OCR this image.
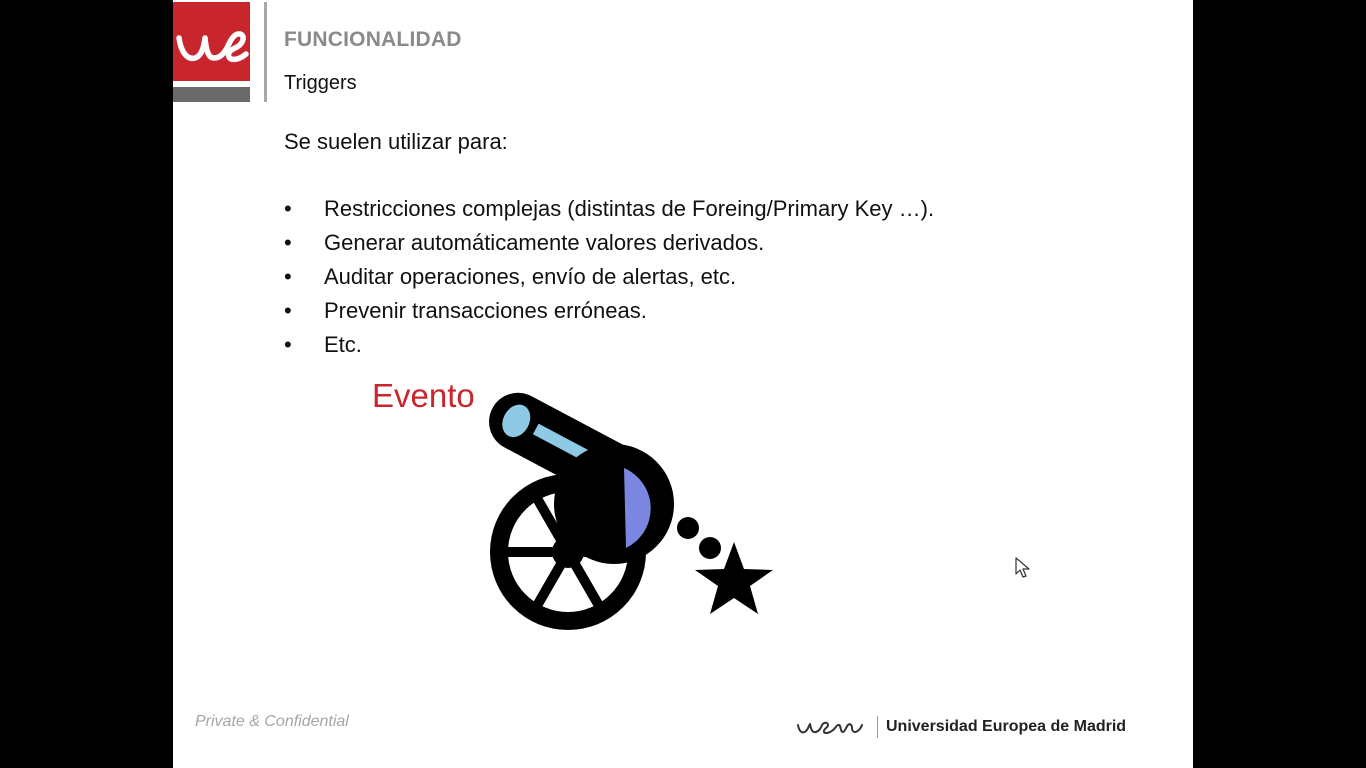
FUNCIONALIDAD
Triggers
Se suelen utilizar para:
• Restricciones complejas (distintas de Foreing/Primary Key …).
• Generar automáticamente valores derivados.
• Auditar operaciones, envío de alertas, etc.
• Prevenir transacciones erróneas.
• Etc.
Evento
Private & Confidential	Universidad Europea de Madrid
